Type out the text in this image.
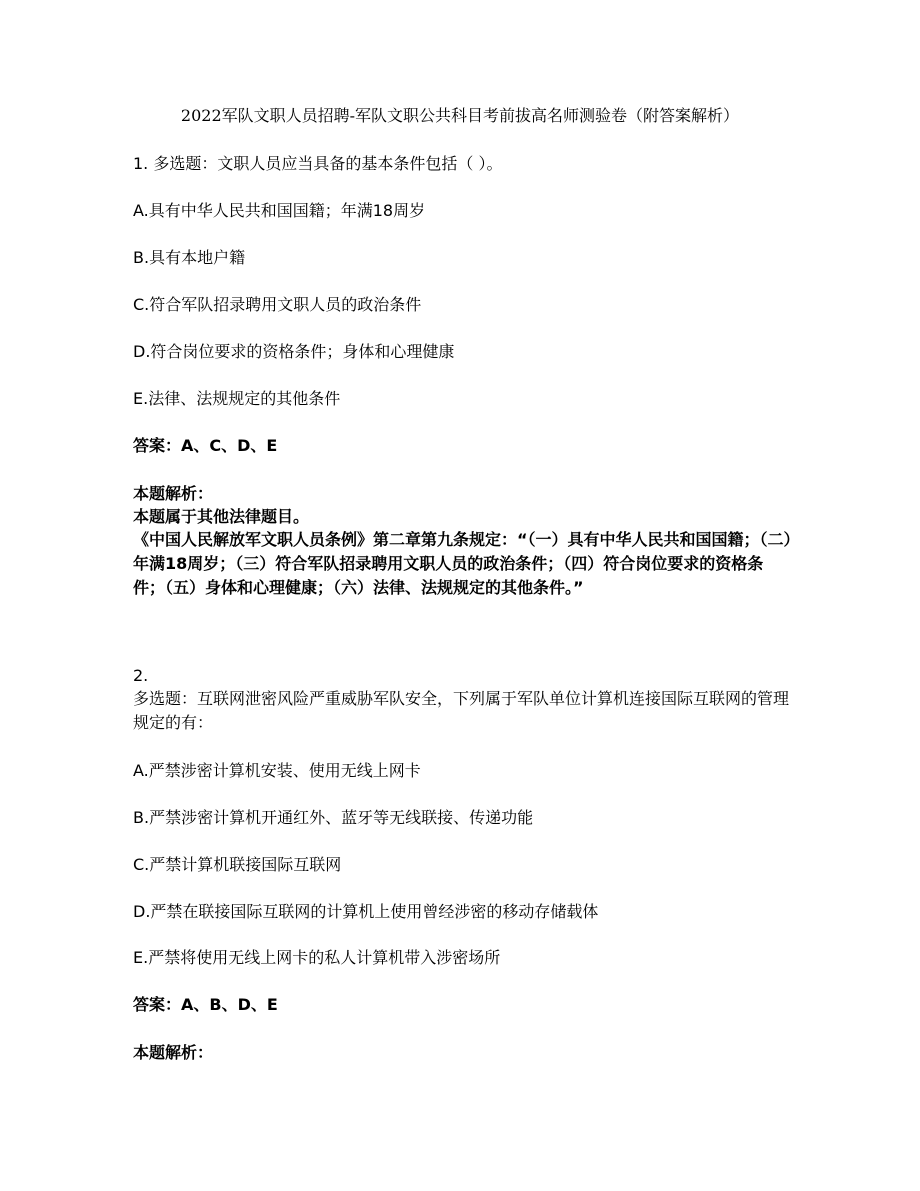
2022军队文职人员招聘-军队文职公共科目考前拔高名师测验卷（附答案解析）
1. 多选题：文职人员应当具备的基本条件包括（ ）。
A.具有中华人民共和国国籍；年满18周岁
B.具有本地户籍
C.符合军队招录聘用文职人员的政治条件
D.符合岗位要求的资格条件；身体和心理健康
E.法律、法规规定的其他条件
答案：A、C、D、E
本题解析：
本题属于其他法律题目。
《中国人民解放军文职人员条例》第二章第九条规定：“（一）具有中华人民共和国国籍；（二）年满18周岁；（三）符合军队招录聘用文职人员的政治条件；（四）符合岗位要求的资格条件；（五）身体和心理健康；（六）法律、法规规定的其他条件。”
2.
多选题：互联网泄密风险严重威胁军队安全，下列属于军队单位计算机连接国际互联网的管理规定的有：
A.严禁涉密计算机安装、使用无线上网卡
B.严禁涉密计算机开通红外、蓝牙等无线联接、传递功能
C.严禁计算机联接国际互联网
D.严禁在联接国际互联网的计算机上使用曾经涉密的移动存储载体
E.严禁将使用无线上网卡的私人计算机带入涉密场所
答案：A、B、D、E
本题解析：
